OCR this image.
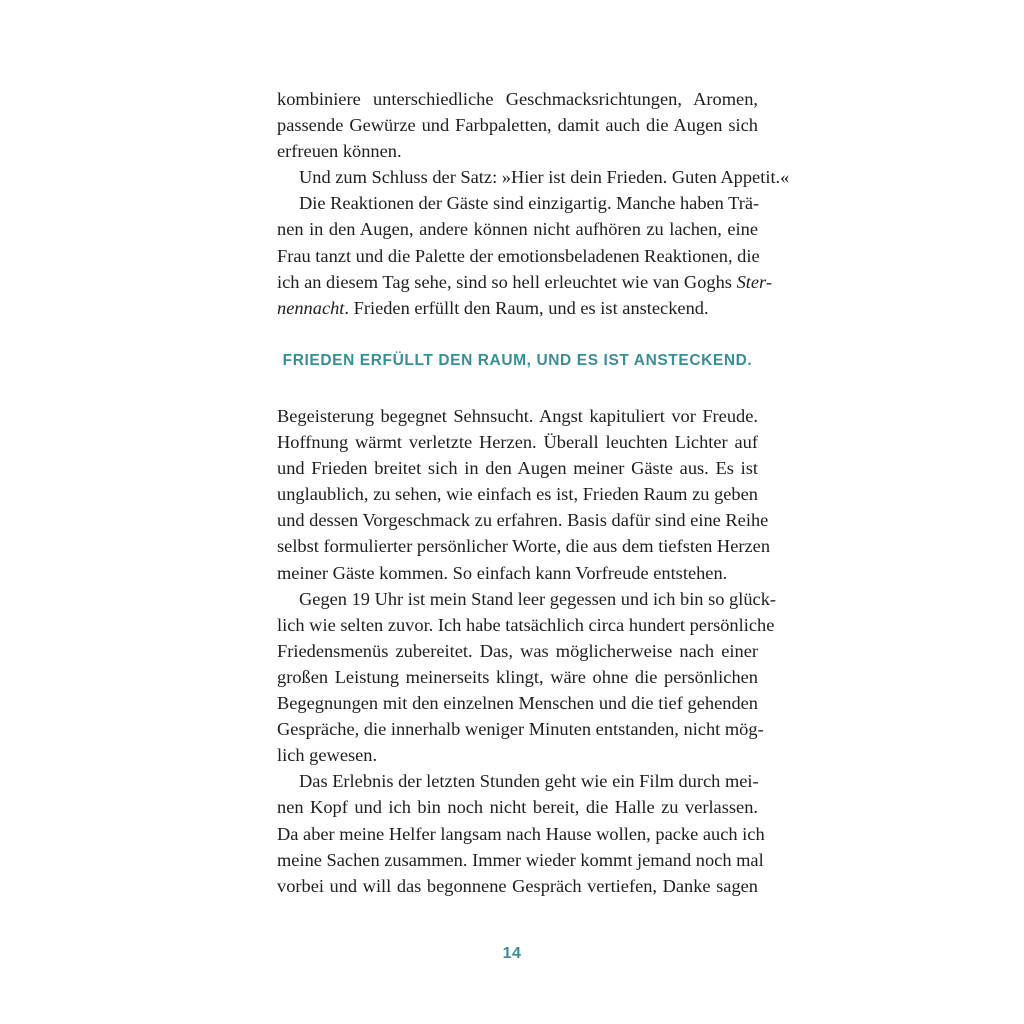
kombiniere unterschiedliche Geschmacksrichtungen, Aromen,
passende Gewürze und Farbpaletten, damit auch die Augen sich
erfreuen können.

Und zum Schluss der Satz: »Hier ist dein Frieden. Guten Appetit.«

Die Reaktionen der Gäste sind einzigartig. Manche haben Trä-
nen in den Augen, andere können nicht aufhören zu lachen, eine
Frau tanzt und die Palette der emotionsbeladenen Reaktionen, die
ich an diesem Tag sehe, sind so hell erleuchtet wie van Goghs Ster-
nennacht. Frieden erfüllt den Raum, und es ist ansteckend.

FRIEDEN ERFÜLLT DEN RAUM, UND ES IST ANSTECKEND.

Begeisterung begegnet Sehnsucht. Angst kapituliert vor Freude.
Hoffnung wärmt verletzte Herzen. Überall leuchten Lichter auf
und Frieden breitet sich in den Augen meiner Gäste aus. Es ist
unglaublich, zu sehen, wie einfach es ist, Frieden Raum zu geben
und dessen Vorgeschmack zu erfahren. Basis dafür sind eine Reihe
selbst formulierter persönlicher Worte, die aus dem tiefsten Herzen
meiner Gäste kommen. So einfach kann Vorfreude entstehen.

Gegen 19 Uhr ist mein Stand leer gegessen und ich bin so glück-
lich wie selten zuvor. Ich habe tatsächlich circa hundert persönliche
Friedensmenüs zubereitet. Das, was möglicherweise nach einer
großen Leistung meinerseits klingt, wäre ohne die persönlichen
Begegnungen mit den einzelnen Menschen und die tief gehenden
Gespräche, die innerhalb weniger Minuten entstanden, nicht mög-
lich gewesen.

Das Erlebnis der letzten Stunden geht wie ein Film durch mei-
nen Kopf und ich bin noch nicht bereit, die Halle zu verlassen.
Da aber meine Helfer langsam nach Hause wollen, packe auch ich
meine Sachen zusammen. Immer wieder kommt jemand noch mal
vorbei und will das begonnene Gespräch vertiefen, Danke sagen

14
